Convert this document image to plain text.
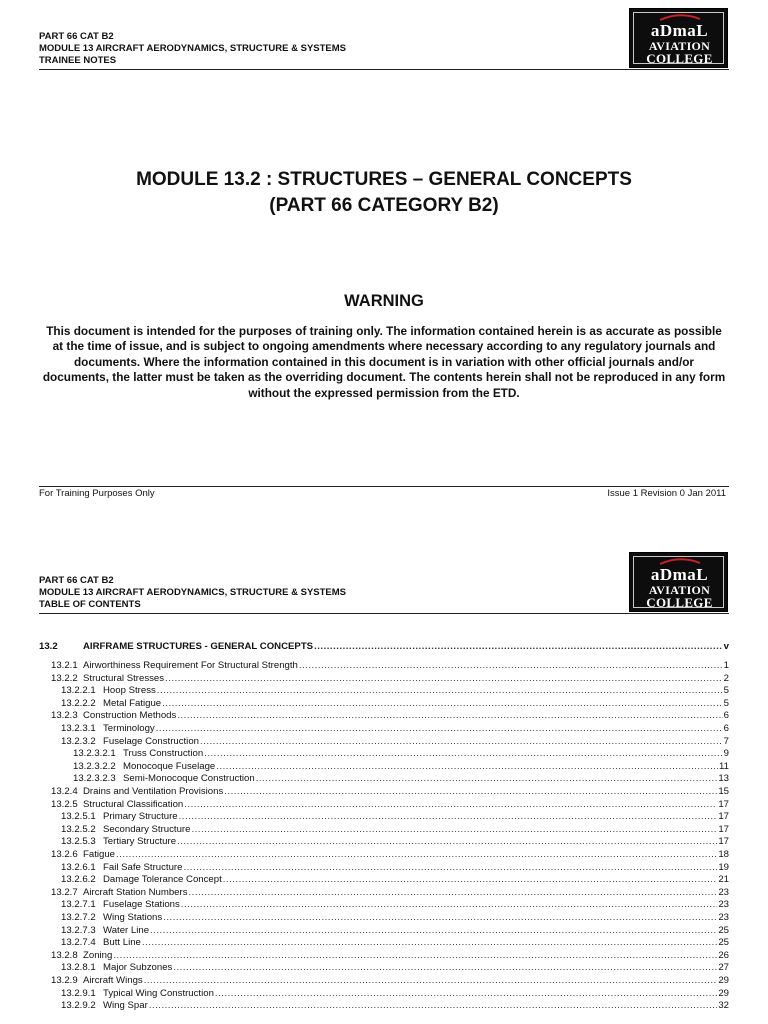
PART 66 CAT B2
MODULE 13 AIRCRAFT AERODYNAMICS, STRUCTURE & SYSTEMS
TRAINEE NOTES
aDmaL
AVIATION
COLLEGE
MODULE 13.2 : STRUCTURES – GENERAL CONCEPTS
(PART 66 CATEGORY B2)
WARNING
This document is intended for the purposes of training only. The information contained herein is as accurate as possible at the time of issue, and is subject to ongoing amendments where necessary according to any regulatory journals and documents. Where the information contained in this document is in variation with other official journals and/or documents, the latter must be taken as the overriding document. The contents herein shall not be reproduced in any form without the expressed permission from the ETD.
For Training Purposes Only	Issue 1 Revision 0 Jan 2011
PART 66 CAT B2
MODULE 13 AIRCRAFT AERODYNAMICS, STRUCTURE & SYSTEMS
TABLE OF CONTENTS
aDmaL
AVIATION
COLLEGE
13.2	AIRFRAME STRUCTURES - GENERAL CONCEPTS .....	v
13.2.1 Airworthiness Requirement For Structural Strength .....	1
13.2.2 Structural Stresses .....	2
13.2.2.1 Hoop Stress .....	5
13.2.2.2 Metal Fatigue .....	5
13.2.3 Construction Methods .....	6
13.2.3.1 Terminology .....	6
13.2.3.2 Fuselage Construction .....	7
13.2.3.2.1 Truss Construction .....	9
13.2.3.2.2 Monocoque Fuselage .....	11
13.2.3.2.3 Semi-Monocoque Construction .....	13
13.2.4 Drains and Ventilation Provisions .....	15
13.2.5 Structural Classification .....	17
13.2.5.1 Primary Structure .....	17
13.2.5.2 Secondary Structure .....	17
13.2.5.3 Tertiary Structure .....	17
13.2.6 Fatigue .....	18
13.2.6.1 Fail Safe Structure .....	19
13.2.6.2 Damage Tolerance Concept .....	21
13.2.7 Aircraft Station Numbers .....	23
13.2.7.1 Fuselage Stations .....	23
13.2.7.2 Wing Stations .....	23
13.2.7.3 Water Line .....	25
13.2.7.4 Butt Line .....	25
13.2.8 Zoning .....	26
13.2.8.1 Major Subzones .....	27
13.2.9 Aircraft Wings .....	29
13.2.9.1 Typical Wing Construction .....	29
13.2.9.2 Wing Spar .....	32
